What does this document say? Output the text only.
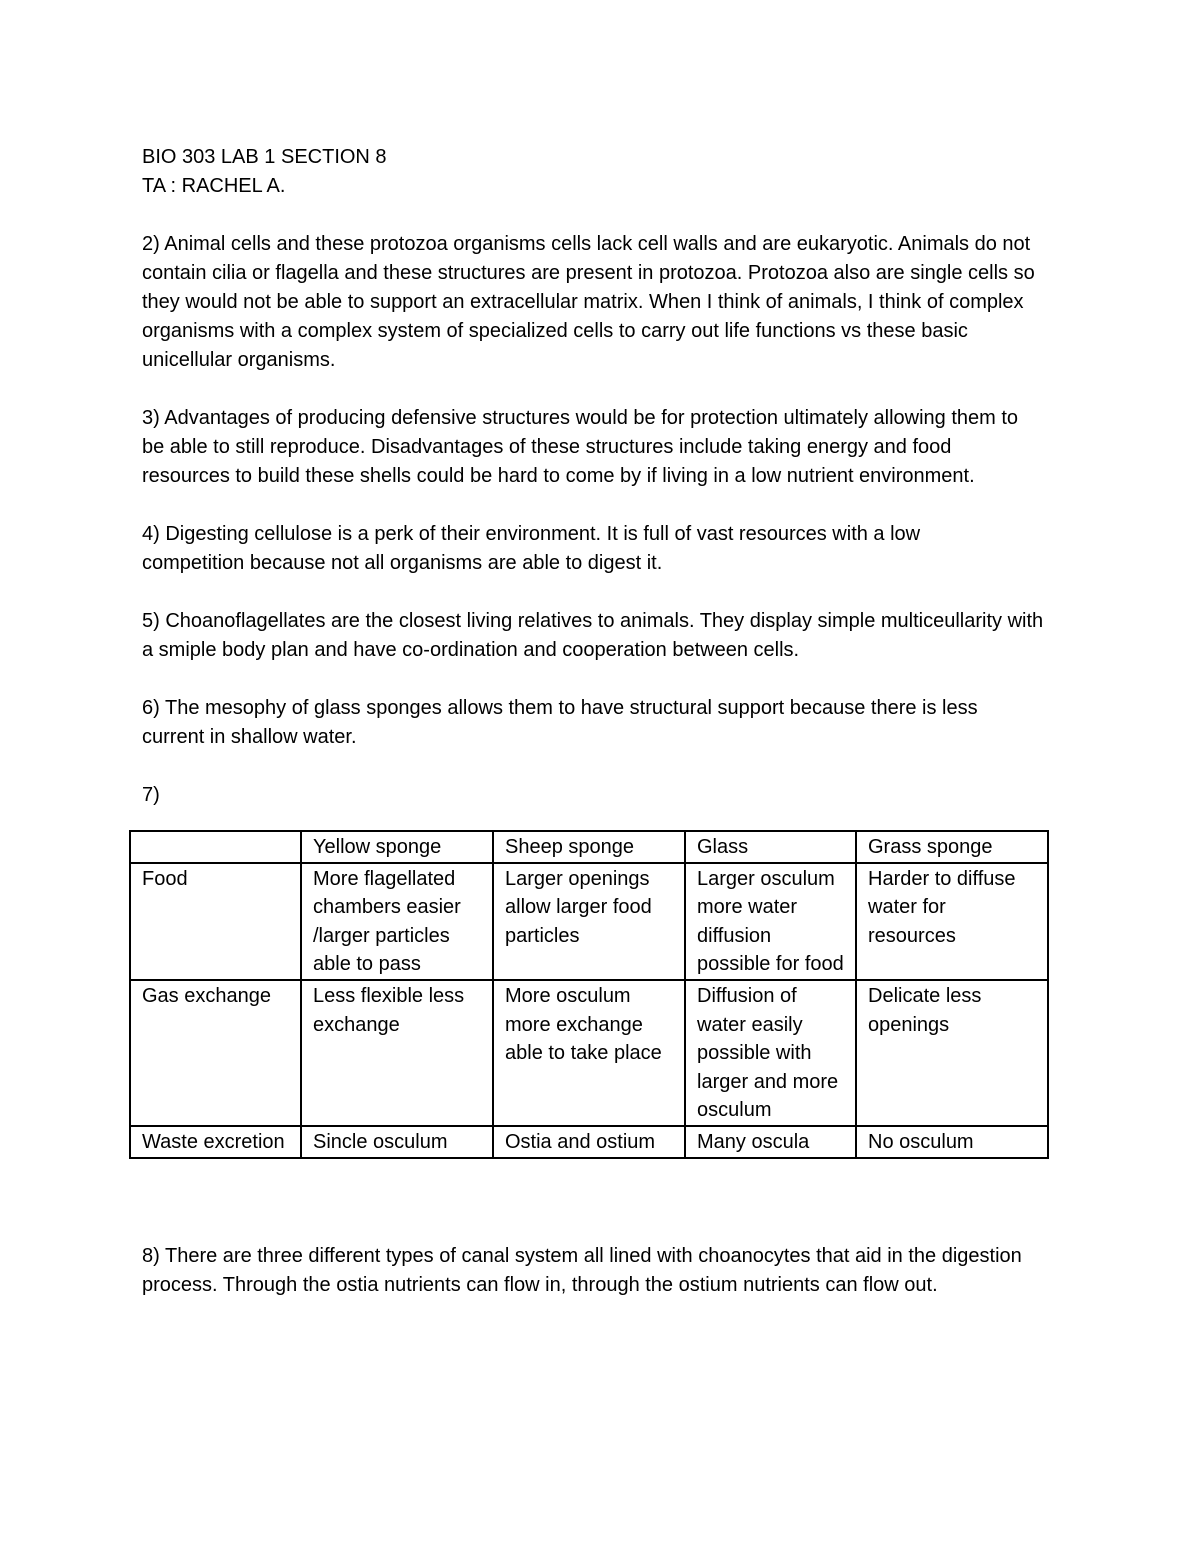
BIO 303 LAB 1 SECTION 8

TA : RACHEL A.

2) Animal cells and these protozoa organisms cells lack cell walls and are eukaryotic. Animals do not contain cilia or flagella and these structures are present in protozoa. Protozoa also are single cells so they would not be able to support an extracellular matrix. When I think of animals, I think of complex organisms with a complex system of specialized cells to carry out life functions vs these basic unicellular organisms.

3) Advantages of producing defensive structures would be for protection ultimately allowing them to be able to still reproduce. Disadvantages of these structures include taking energy and food resources to build these shells could be hard to come by if living in a low nutrient environment.

4) Digesting cellulose is a perk of their environment. It is full of vast resources with a low competition because not all organisms are able to digest it.

5) Choanoflagellates are the closest living relatives to animals. They display simple multiceullarity with a smiple body plan and have co-ordination and cooperation between cells.

6) The mesophy of glass sponges allows them to have structural support because there is less current in shallow water.

7)

	Yellow sponge	Sheep sponge	Glass	Grass sponge
Food	More flagellated chambers easier /larger particles able to pass	Larger openings allow larger food particles	Larger osculum more water diffusion possible for food	Harder to diffuse water for resources
Gas exchange	Less flexible less exchange	More osculum more exchange able to take place	Diffusion of water easily possible with larger and more osculum	Delicate less openings
Waste excretion	Sincle osculum	Ostia and ostium	Many oscula	No osculum

8) There are three different types of canal system all lined with choanocytes that aid in the digestion process. Through the ostia nutrients can flow in, through the ostium nutrients can flow out.
